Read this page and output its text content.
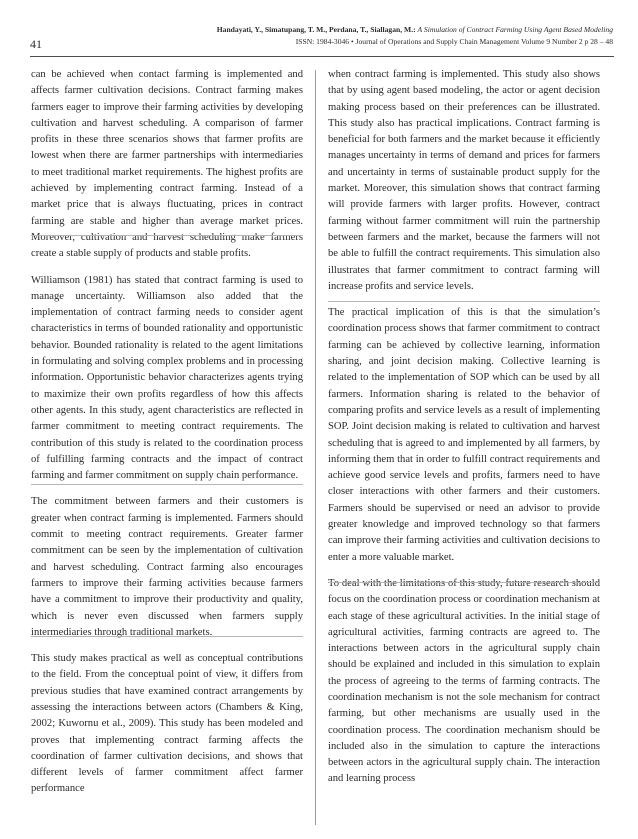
41
Handayati, Y., Simatupang, T. M., Perdana, T., Siallagan, M.: A Simulation of Contract Farming Using Agent Based Modeling
ISSN: 1984-3046 • Journal of Operations and Supply Chain Management Volume 9 Number 2 p 28 – 48

can be achieved when contact farming is implemented and affects farmer cultivation decisions. Contract farming makes farmers eager to improve their farming activities by developing cultivation and harvest scheduling. A comparison of farmer profits in these three scenarios shows that farmer profits are lowest when there are farmer partnerships with intermediaries to meet traditional market requirements. The highest profits are achieved by implementing contract farming. Instead of a market price that is always fluctuating, prices in contract farming are stable and higher than average market prices. Moreover, cultivation and harvest scheduling make farmers create a stable supply of products and stable profits.

Williamson (1981) has stated that contract farming is used to manage uncertainty. Williamson also added that the implementation of contract farming needs to consider agent characteristics in terms of bounded rationality and opportunistic behavior. Bounded rationality is related to the agent limitations in formulating and solving complex problems and in processing information. Opportunistic behavior characterizes agents trying to maximize their own profits regardless of how this affects other agents. In this study, agent characteristics are reflected in farmer commitment to meeting contract requirements. The contribution of this study is related to the coordination process of fulfilling farming contracts and the impact of contract farming and farmer commitment on supply chain performance.

The commitment between farmers and their customers is greater when contract farming is implemented. Farmers should commit to meeting contract requirements. Greater farmer commitment can be seen by the implementation of cultivation and harvest scheduling. Contract farming also encourages farmers to improve their farming activities because farmers have a commitment to improve their productivity and quality, which is never even discussed when farmers supply intermediaries through traditional markets.

This study makes practical as well as conceptual contributions to the field. From the conceptual point of view, it differs from previous studies that have examined contract arrangements by assessing the interactions between actors (Chambers & King, 2002; Kuwornu et al., 2009). This study has been modeled and proves that implementing contract farming affects the coordination of farmer cultivation decisions, and shows that different levels of farmer commitment affect farmer performance

when contract farming is implemented. This study also shows that by using agent based modeling, the actor or agent decision making process based on their preferences can be illustrated. This study also has practical implications. Contract farming is beneficial for both farmers and the market because it efficiently manages uncertainty in terms of demand and prices for farmers and uncertainty in terms of sustainable product supply for the market. Moreover, this simulation shows that contract farming will provide farmers with larger profits. However, contract farming without farmer commitment will ruin the partnership between farmers and the market, because the farmers will not be able to fulfill the contract requirements. This simulation also illustrates that farmer commitment to contract farming will increase profits and service levels.

The practical implication of this is that the simulation’s coordination process shows that farmer commitment to contract farming can be achieved by collective learning, information sharing, and joint decision making. Collective learning is related to the implementation of SOP which can be used by all farmers. Information sharing is related to the behavior of comparing profits and service levels as a result of implementing SOP. Joint decision making is related to cultivation and harvest scheduling that is agreed to and implemented by all farmers, by informing them that in order to fulfill contract requirements and achieve good service levels and profits, farmers need to have closer interactions with other farmers and their customers. Farmers should be supervised or need an advisor to provide greater knowledge and improved technology so that farmers can improve their farming activities and cultivation decisions to enter a more valuable market.

To deal with the limitations of this study, future research should focus on the coordination process or coordination mechanism at each stage of these agricultural activities. In the initial stage of agricultural activities, farming contracts are agreed to. The interactions between actors in the agricultural supply chain should be explained and included in this simulation to explain the process of agreeing to the terms of farming contracts. The coordination mechanism is not the sole mechanism for contract farming, but other mechanisms are usually used in the coordination process. The coordination mechanism should be included also in the simulation to capture the interactions between actors in the agricultural supply chain. The interaction and learning process
